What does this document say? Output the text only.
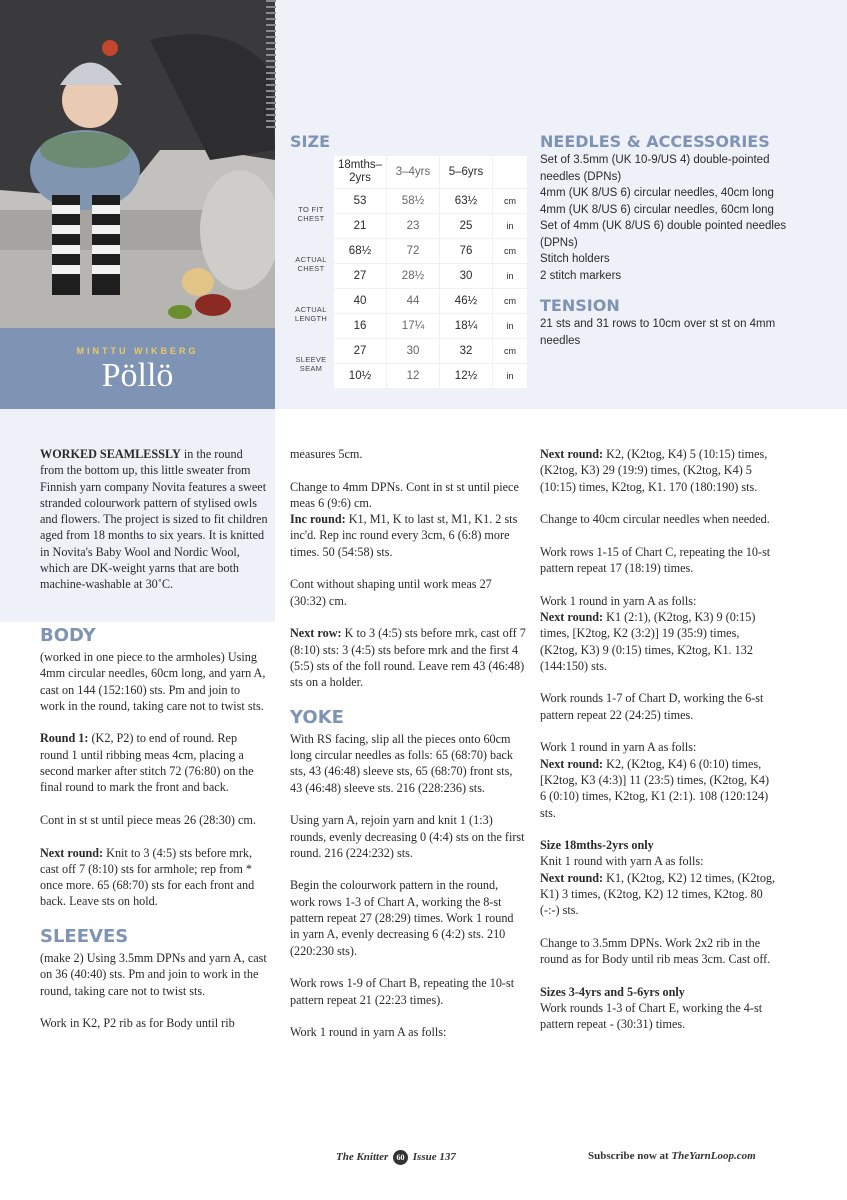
MINTTU WIKBERG
Pöllö
SIZE
	18mths–2yrs	3–4yrs	5–6yrs	
TO FIT CHEST	53	58½	63½	cm
	21	23	25	in
ACTUAL CHEST	68½	72	76	cm
	27	28½	30	in
ACTUAL LENGTH	40	44	46½	cm
	16	17¼	18¼	in
SLEEVE SEAM	27	30	32	cm
	10½	12	12½	in
NEEDLES & ACCESSORIES
Set of 3.5mm (UK 10-9/US 4) double-pointed needles (DPNs)
4mm (UK 8/US 6) circular needles, 40cm long
4mm (UK 8/US 6) circular needles, 60cm long
Set of 4mm (UK 8/US 6) double pointed needles (DPNs)
Stitch holders
2 stitch markers
TENSION
21 sts and 31 rows to 10cm over st st on 4mm needles

WORKED SEAMLESSLY in the round from the bottom up, this little sweater from Finnish yarn company Novita features a sweet stranded colourwork pattern of stylised owls and flowers. The project is sized to fit children aged from 18 months to six years. It is knitted in Novita's Baby Wool and Nordic Wool, which are DK-weight yarns that are both machine-washable at 30˚C.

BODY

(worked in one piece to the armholes) Using 4mm circular needles, 60cm long, and yarn A, cast on 144 (152:160) sts. Pm and join to work in the round, taking care not to twist sts.

Round 1: (K2, P2) to end of round. Rep round 1 until ribbing meas 4cm, placing a second marker after stitch 72 (76:80) on the final round to mark the front and back.

Cont in st st until piece meas 26 (28:30) cm.

Next round: Knit to 3 (4:5) sts before mrk, cast off 7 (8:10) sts for armhole; rep from * once more. 65 (68:70) sts for each front and back. Leave sts on hold.

SLEEVES

(make 2) Using 3.5mm DPNs and yarn A, cast on 36 (40:40) sts. Pm and join to work in the round, taking care not to twist sts.

Work in K2, P2 rib as for Body until rib

measures 5cm.

Change to 4mm DPNs. Cont in st st until piece meas 6 (9:6) cm.

Inc round: K1, M1, K to last st, M1, K1. 2 sts inc'd. Rep inc round every 3cm, 6 (6:8) more times. 50 (54:58) sts.

Cont without shaping until work meas 27 (30:32) cm.

Next row: K to 3 (4:5) sts before mrk, cast off 7 (8:10) sts: 3 (4:5) sts before mrk and the first 4 (5:5) sts of the foll round. Leave rem 43 (46:48) sts on a holder.

YOKE

With RS facing, slip all the pieces onto 60cm long circular needles as folls: 65 (68:70) back sts, 43 (46:48) sleeve sts, 65 (68:70) front sts, 43 (46:48) sleeve sts. 216 (228:236) sts.

Using yarn A, rejoin yarn and knit 1 (1:3) rounds, evenly decreasing 0 (4:4) sts on the first round. 216 (224:232) sts.

Begin the colourwork pattern in the round, work rows 1-3 of Chart A, working the 8-st pattern repeat 27 (28:29) times. Work 1 round in yarn A, evenly decreasing 6 (4:2) sts. 210 (220:230 sts).

Work rows 1-9 of Chart B, repeating the 10-st pattern repeat 21 (22:23 times).

Work 1 round in yarn A as folls:

Next round: K2, (K2tog, K4) 5 (10:15) times, (K2tog, K3) 29 (19:9) times, (K2tog, K4) 5 (10:15) times, K2tog, K1. 170 (180:190) sts.

Change to 40cm circular needles when needed.

Work rows 1-15 of Chart C, repeating the 10-st pattern repeat 17 (18:19) times.

Work 1 round in yarn A as folls:
Next round: K1 (2:1), (K2tog, K3) 9 (0:15) times, [K2tog, K2 (3:2)] 19 (35:9) times, (K2tog, K3) 9 (0:15) times, K2tog, K1. 132 (144:150) sts.

Work rounds 1-7 of Chart D, working the 6-st pattern repeat 22 (24:25) times.

Work 1 round in yarn A as folls:
Next round: K2, (K2tog, K4) 6 (0:10) times, [K2tog, K3 (4:3)] 11 (23:5) times, (K2tog, K4) 6 (0:10) times, K2tog, K1 (2:1). 108 (120:124) sts.

Size 18mths-2yrs only
Knit 1 round with yarn A as folls:
Next round: K1, (K2tog, K2) 12 times, (K2tog, K1) 3 times, (K2tog, K2) 12 times, K2tog. 80 (-:-) sts.

Change to 3.5mm DPNs. Work 2x2 rib in the round as for Body until rib meas 3cm. Cast off.

Sizes 3-4yrs and 5-6yrs only
Work rounds 1-3 of Chart E, working the 4-st pattern repeat - (30:31) times.

The Knitter 60 Issue 137	Subscribe now at TheYarnLoop.com
